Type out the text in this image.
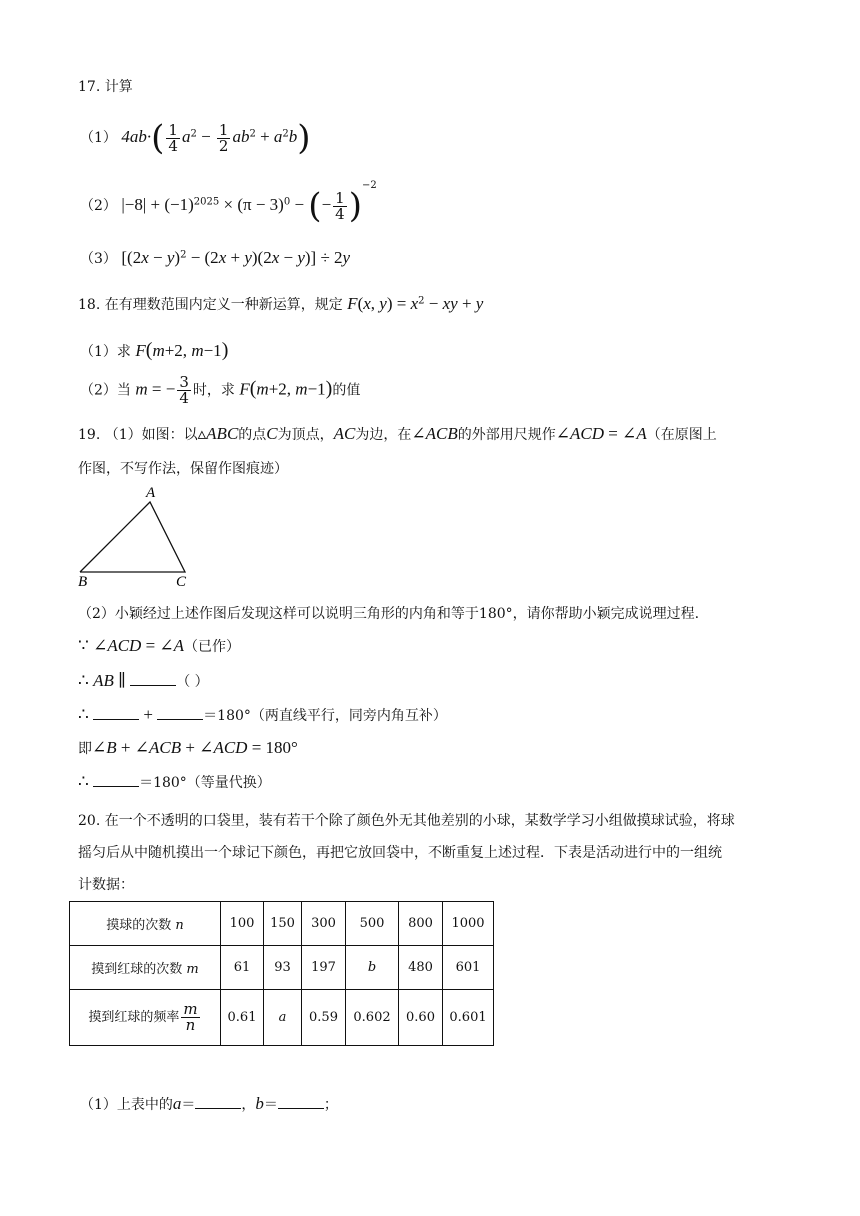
17. 计算
（1） $4ab\cdot( \frac{1}{4} a^2 - \frac{1}{2} ab^2 + a^2b)$
（2） $|-8| + (-1)^{2025} \times (\pi - 3)^0$ − (− $\frac{1}{4} )^{-2}$
（3） $[(2x - y)^2 - (2x + y)(2x - y)] \div 2y$
18. 在有理数范围内定义一种新运算，规定 F(x, $y) = x^2$ − xy + y
（1）求 F(m+2, m−1)
（2）当 m = − $\frac{3}{4}$ 时，求 F(m+2, m−1)的值
19. （1）如图：以▵ABC的点C为顶点，AC为边，在∠ACB的外部用尺规作∠ACD = ∠A（在原图上
作图，不写作法，保留作图痕迹）
A
B	C
（2）小颖经过上述作图后发现这样可以说明三角形的内角和等于180°，请你帮助小颖完成说理过程.
∵ ∠ACD = ∠A（已作）
∴ AB ∥	（ ）
∴	+	＝180°（两直线平行，同旁内角互补）
即∠B + ∠ACB + ∠ACD = 180°
∴	＝180°（等量代换）
20. 在一个不透明的口袋里，装有若干个除了颜色外无其他差别的小球，某数学学习小组做摸球试验，将球
摇匀后从中随机摸出一个球记下颜色，再把它放回袋中，不断重复上述过程．下表是活动进行中的一组统
计数据：
摸球的次数 n	100	150	300	500	800	1000
摸到红球的次数 m	61	93	197	b	480	601
摸到红球的频率 $\frac{m}{n}$	0.61	a	0.59	0.602	0.60	0.601
（1）上表中的a＝	，b＝	；
